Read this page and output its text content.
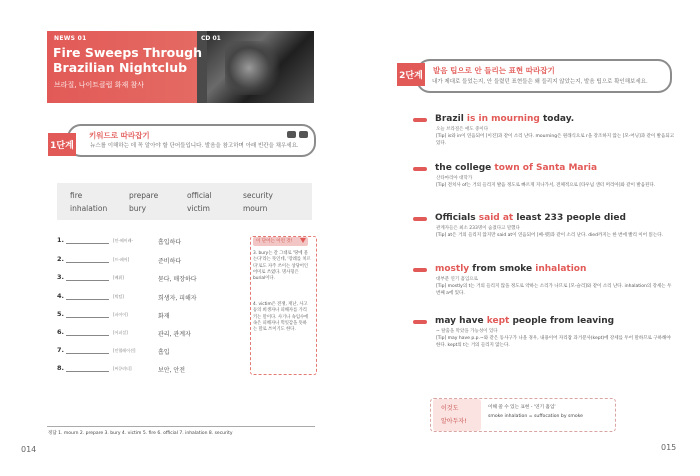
NEWS 01	CD 01
Fire Sweeps Through
Brazilian Nightclub
브라질, 나이트클럽 화재 참사
1단계
키워드로 따라잡기
뉴스를 이해하는 데 꼭 알아야 할 단어들입니다. 발음을 참고하며 아래 빈칸을 채우세요.
fire	prepare	official	security
inhalation	bury	victim	mourn
1.	[인-헤이레-	흡입하다
2.	[프-페어]	준비하다
3.	[베뤼]	묻다, 매장하다
4.	[빅텀]	희생자, 피해자
5.	[파이어]	화재
6.	[어피셜]	관리, 관계자
7.	[인헬레이션]	흡입
8.	[씨큐러티]	보안, 안전
이 단어는 이런 것!
3. bury는 갈 그대로 '땅에 묻는다'라는 뜻인데, '장례를 치르다'로도 자주 쓰이는 상당어인 어미로 쓰였다. 명사형은 burial이다.
4. victim은 전쟁, 재난, 사고 등의 희생자나 피해자를 가리키는 말이다. 사기나 속임수에 속은 피해자나 먹잇감을 뜻하는 말로 쓰이기도 한다.
정답 1. mourn 2. prepare 3. bury 4. victim 5. fire 6. official 7. inhalation 8. security
014
2단계
발음 팁으로 안 들리는 표현 따라잡기
내가 제대로 들었는지, 안 들렸던 표현들은 왜 들리지 않았는지, 발음 팁으로 확인해보세요.
Brazil is in mourning today.
오늘 브라질은 애도 중이다
[Tip] is와 in이 연음되어 [이진]과 같이 소리 난다. mourning은 원래식으로 r을 강조하지 않는 [모-어닝]과 같이 발음되고 있다.
the college town of Santa Maria
산타마리아 대학가
[Tip] 전치사 of는 거의 들리지 발음 정도로 빠르게 지나가서, 전체적으로 [타우넙 샌터 머리아]와 같이 발음된다.
Officials said at least 233 people died
관계자들은 최소 233명이 숨졌다고 말했다
[Tip] at은 거의 들리지 않지만 said at이 연음되어 [쎄-렛]과 같이 소리 난다. died까지는 한 번에 빨리 이어 읽는다.
mostly from smoke inhalation
대부분 연기 흡입으로
[Tip] mostly의 t는 거의 들리지 않을 정도로 약하는 소리가 나므로 [모-슬리]와 같이 소리 난다. inhalation의 강세는 두 번째 a에 있다.
may have kept people from leaving
~ 탈출을 막았을 가능성이 있다
[Tip] may have p.p.~와 같은 동사구가 나올 경우, 내용이어 자리잡 과거분사(kept)에 강세를 두어 말하므로 구하해야 한다. kept의 t는 거의 들리지 않는다.
이것도
알아두자!
이해 쓸 수 있는 표현 - '연기 흡입'
smoke inhalation = suffocation by smoke
015
